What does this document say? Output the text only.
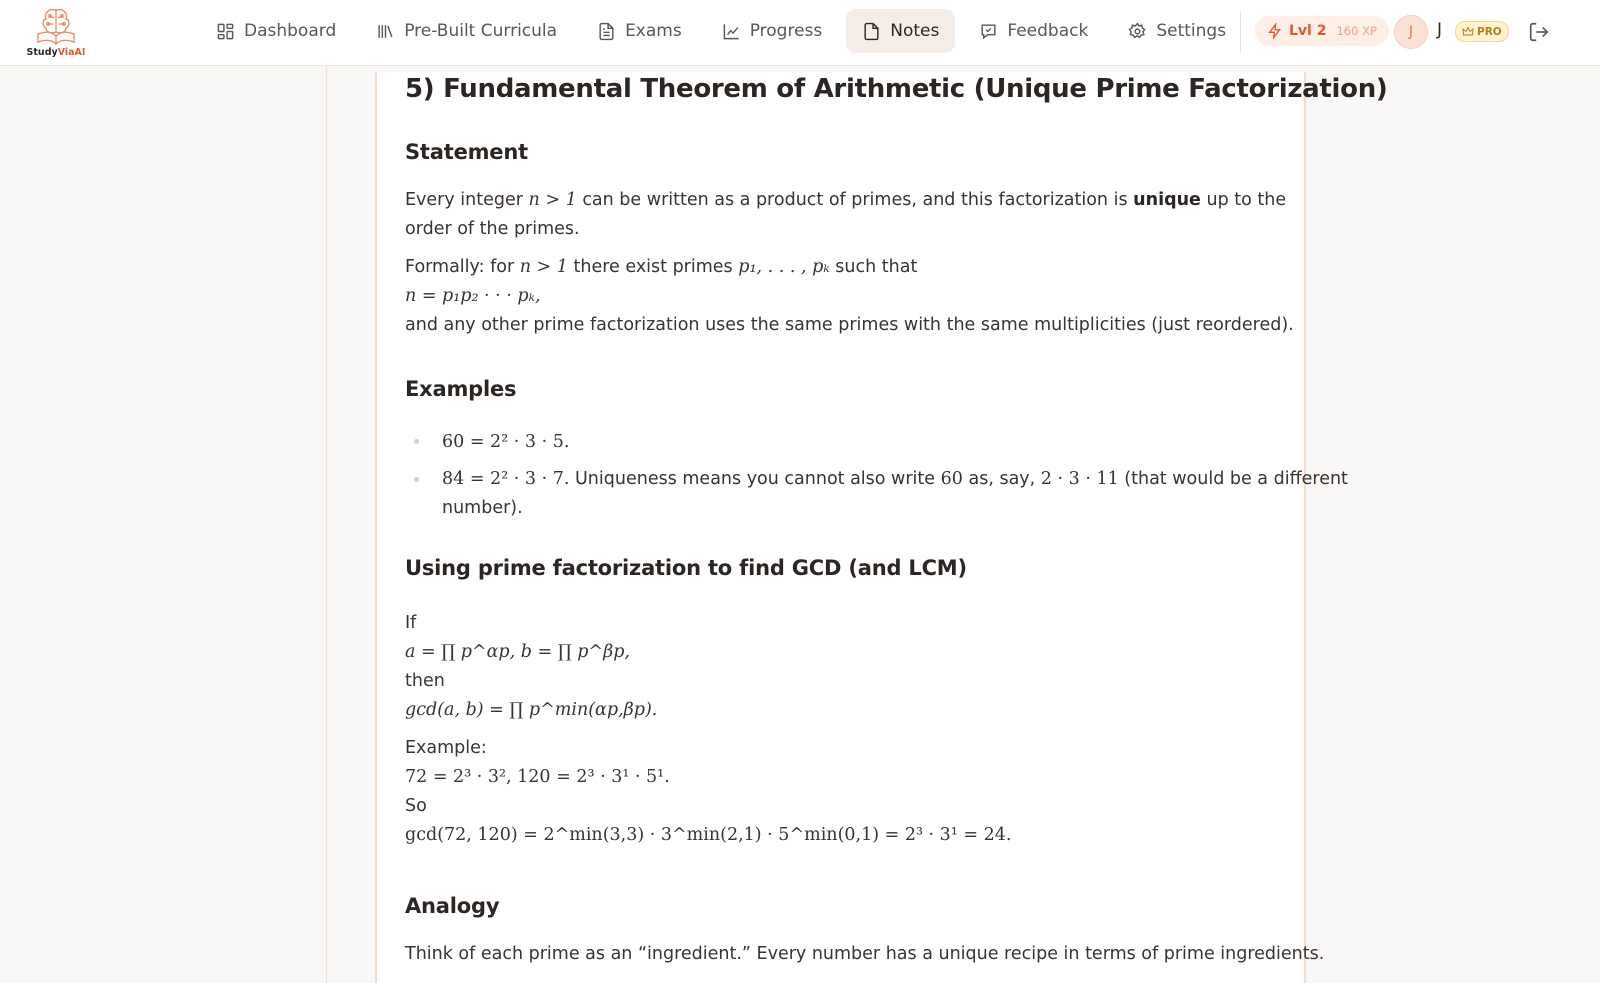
StudyViaAI
Dashboard	Pre-Built Curricula	Exams	Progress	Notes	Feedback	Settings	Lvl 2 160 XP	J	J	PRO
5) Fundamental Theorem of Arithmetic (Unique Prime Factorization)
Statement
Every integer n > 1 can be written as a product of primes, and this factorization is unique up to the
order of the primes.
Formally: for n > 1 there exist primes p₁, . . . , pₖ such that
n = p₁p₂ · · · pₖ,
and any other prime factorization uses the same primes with the same multiplicities (just reordered).
Examples
60 = 2² · 3 · 5.
84 = 2² · 3 · 7. Uniqueness means you cannot also write 60 as, say, 2 · 3 · 11 (that would be a different
number).
Using prime factorization to find GCD (and LCM)
If
a = ∏ p^αp, b = ∏ p^βp,
then
gcd(a, b) = ∏ p^min(αp,βp).
Example:
72 = 2³ · 3², 120 = 2³ · 3¹ · 5¹.
So
gcd(72, 120) = 2^min(3,3) · 3^min(2,1) · 5^min(0,1) = 2³ · 3¹ = 24.
Analogy
Think of each prime as an “ingredient.” Every number has a unique recipe in terms of prime ingredients.
